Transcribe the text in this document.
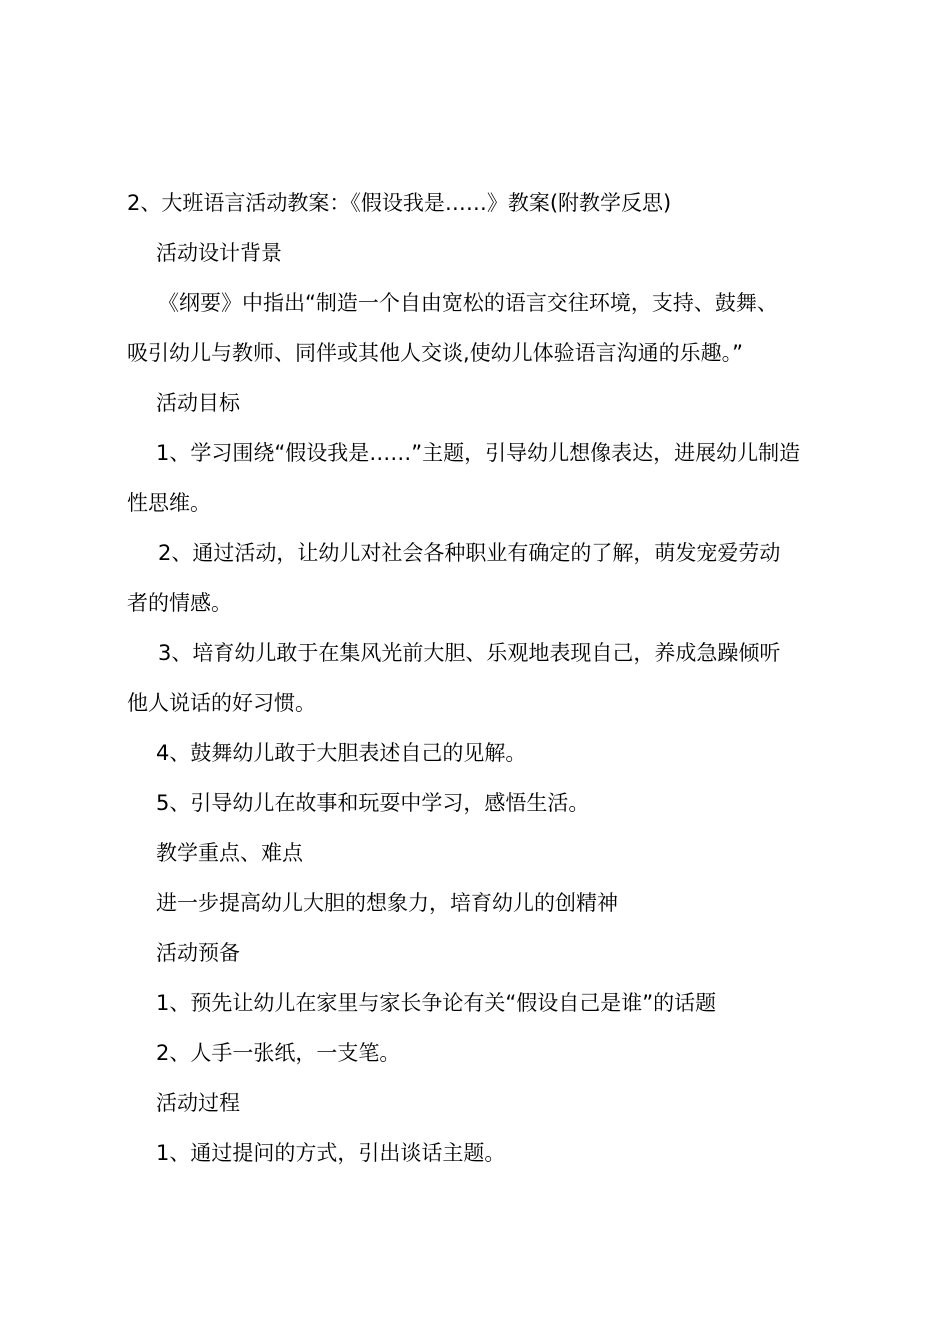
2、大班语言活动教案：《假设我是……》教案(附教学反思)
活动设计背景
《纲要》中指出“制造一个自由宽松的语言交往环境，支持、鼓舞、
吸引幼儿与教师、同伴或其他人交谈,使幼儿体验语言沟通的乐趣。”
活动目标
1、学习围绕“假设我是……”主题，引导幼儿想像表达，进展幼儿制造
性思维。
2、通过活动，让幼儿对社会各种职业有确定的了解，萌发宠爱劳动
者的情感。
3、培育幼儿敢于在集风光前大胆、乐观地表现自己，养成急躁倾听
他人说话的好习惯。
4、鼓舞幼儿敢于大胆表述自己的见解。
5、引导幼儿在故事和玩耍中学习，感悟生活。
教学重点、难点
进一步提高幼儿大胆的想象力，培育幼儿的创精神
活动预备
1、预先让幼儿在家里与家长争论有关“假设自己是谁”的话题
2、人手一张纸，一支笔。
活动过程
1、通过提问的方式，引出谈话主题。
